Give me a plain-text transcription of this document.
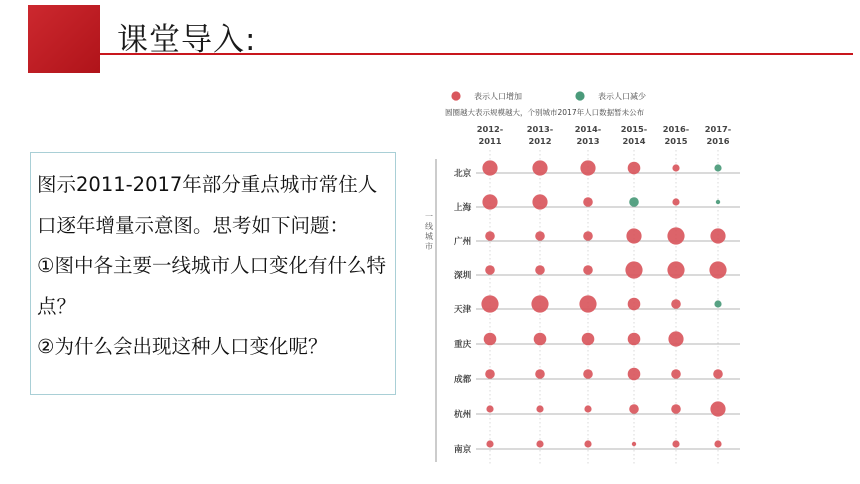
课堂导入:

图示2011-2017年部分重点城市常住人口逐年增量示意图。思考如下问题：

①图中各主要一线城市人口变化有什么特点？

②为什么会出现这种人口变化呢？

表示人口增加	表示人口减少
圆圈越大表示规模越大，个别城市2017年人口数据暂未公布
2012-
2011
2013-
2012
2014-
2013
2015-
2014
2016-
2015
2017-
2016
一
线
城
市
北京
上海
广州
深圳
天津
重庆
成都
杭州
南京
